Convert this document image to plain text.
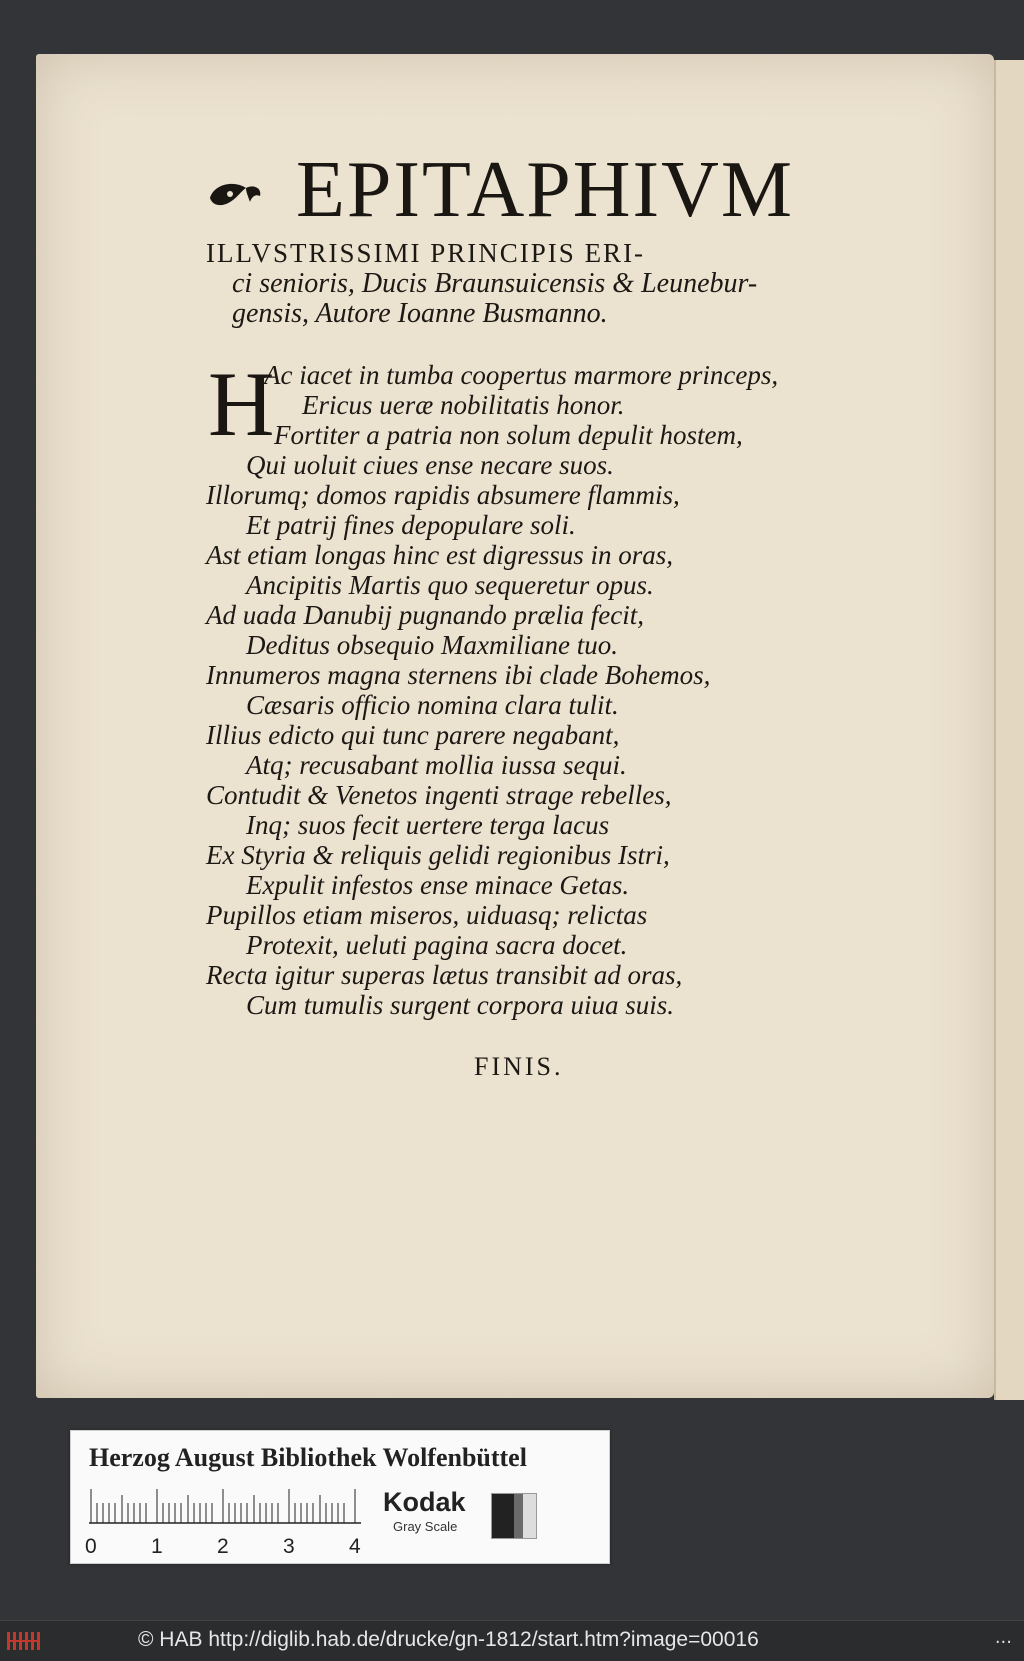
EPITAPHIVM
ILLVSTRISSIMI PRINCIPIS ERI-
ci senioris, Ducis Braunsuicensis & Leunebur-
gensis, Autore Ioanne Busmanno.
H
Ac iacet in tumba coopertus marmore princeps,
Ericus ueræ nobilitatis honor.
Fortiter a patria non solum depulit hostem,
Qui uoluit ciues ense necare suos.
Illorumq; domos rapidis absumere flammis,
Et patrij fines depopulare soli.
Ast etiam longas hinc est digressus in oras,
Ancipitis Martis quo sequeretur opus.
Ad uada Danubij pugnando prælia fecit,
Deditus obsequio Maxmiliane tuo.
Innumeros magna sternens ibi clade Bohemos,
Cæsaris officio nomina clara tulit.
Illius edicto qui tunc parere negabant,
Atq; recusabant mollia iussa sequi.
Contudit & Venetos ingenti strage rebelles,
Inq; suos fecit uertere terga lacus
Ex Styria & reliquis gelidi regionibus Istri,
Expulit infestos ense minace Getas.
Pupillos etiam miseros, uiduasq; relictas
Protexit, ueluti pagina sacra docet.
Recta igitur superas lætus transibit ad oras,
Cum tumulis surgent corpora uiua suis.
FINIS.
Herzog August Bibliothek Wolfenbüttel
0	1	2	3	4
Kodak
Gray Scale
© HAB http://diglib.hab.de/drucke/gn-1812/start.htm?image=00016	...
